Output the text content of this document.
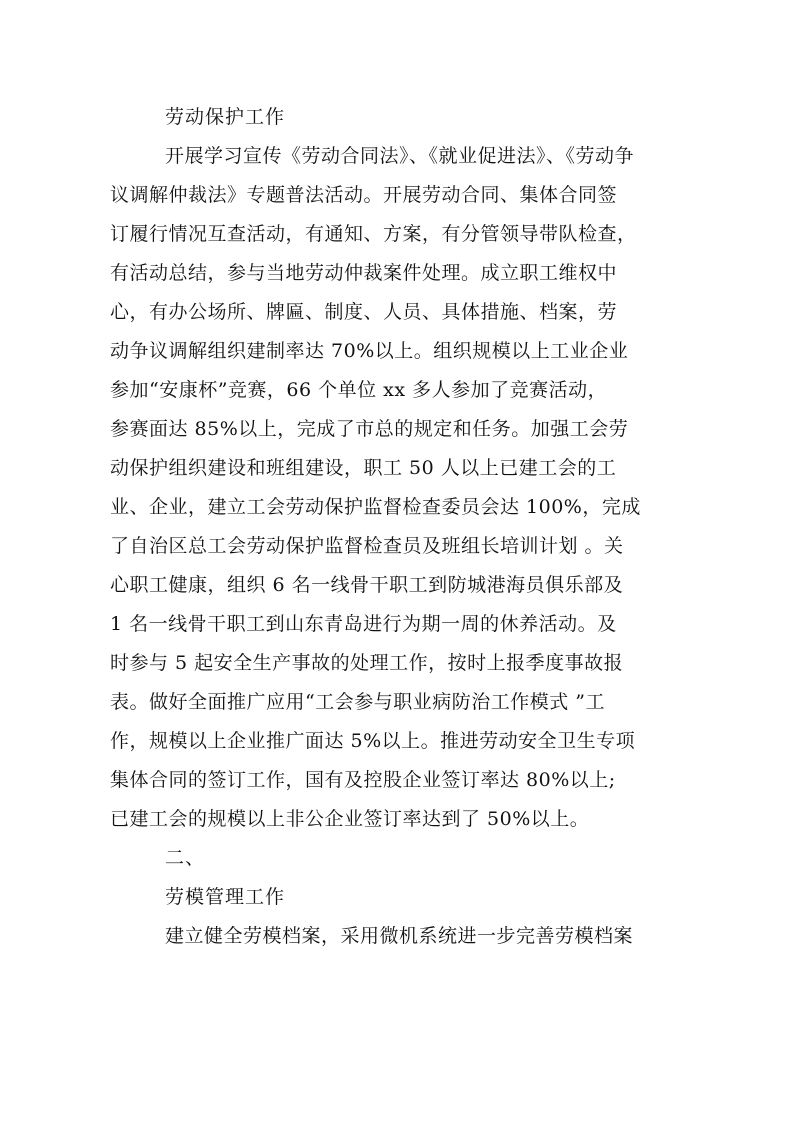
劳动保护工作

开展学习宣传《劳动合同法》、《就业促进法》、《劳动争

议调解仲裁法》专题普法活动。开展劳动合同、集体合同签

订履行情况互查活动，有通知、方案，有分管领导带队检查，

有活动总结，参与当地劳动仲裁案件处理。成立职工维权中

心，有办公场所、牌匾、制度、人员、具体措施、档案，劳

动争议调解组织建制率达 70%以上。组织规模以上工业企业

参加“安康杯”竞赛，66 个单位 xx 多人参加了竞赛活动，

参赛面达 85%以上，完成了市总的规定和任务。加强工会劳

动保护组织建设和班组建设，职工 50 人以上已建工会的工

业、企业，建立工会劳动保护监督检查委员会达 100%，完成

了自治区总工会劳动保护监督检查员及班组长培训计划 。关

心职工健康，组织 6 名一线骨干职工到防城港海员俱乐部及

1 名一线骨干职工到山东青岛进行为期一周的休养活动。及

时参与 5 起安全生产事故的处理工作，按时上报季度事故报

表。做好全面推广应用“工会参与职业病防治工作模式 ”工

作，规模以上企业推广面达 5%以上。推进劳动安全卫生专项

集体合同的签订工作，国有及控股企业签订率达 80%以上;

已建工会的规模以上非公企业签订率达到了 50%以上。

二、

劳模管理工作

建立健全劳模档案，采用微机系统进一步完善劳模档案
